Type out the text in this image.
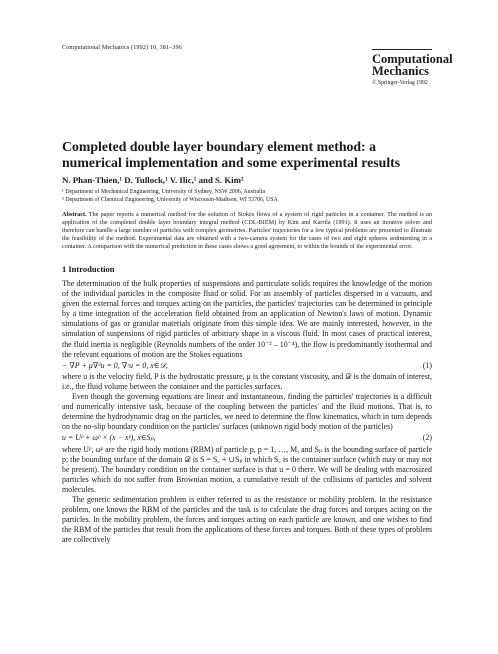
Computational Mechanics (1992) 10, 381–396
Computational Mechanics
© Springer-Verlag 1992
Completed double layer boundary element method: a numerical implementation and some experimental results
N. Phan-Thien,¹ D. Tullock,¹ V. Ilic,¹ and S. Kim²
¹ Department of Mechanical Engineering, University of Sydney, NSW 2006, Australia
² Department of Chemical Engineering, University of Wisconsin-Madison, WI 53706, USA
Abstract. The paper reports a numerical method for the solution of Stokes flows of a system of rigid particles in a container. The method is an application of the completed double layer boundary integral method (CDL-BIEM) by Kim and Karrila (1991). It uses an iterative solver and therefore can handle a large number of particles with complex geometries. Particles' trajectories for a few typical problems are presented to illustrate the feasibility of the method. Experimental data are obtained with a two-camera system for the cases of two and eight spheres sedimenting in a container. A comparison with the numerical prediction in these cases shows a good agreement, to within the bounds of the experimental error.
1 Introduction

The determination of the bulk properties of suspensions and particulate solids requires the knowledge of the motion of the individual particles in the composite fluid or solid. For an assembly of particles dispersed in a vacuum, and given the external forces and torques acting on the particles, the particles' trajectories can be determined in principle by a time integration of the acceleration field obtained from an application of Newton's laws of motion. Dynamic simulations of gas or granular materials originate from this simple idea. We are mainly interested, however, in the simulation of suspensions of rigid particles of arbitrary shape in a viscous fluid. In most cases of practical interest, the fluid inertia is negligible (Reynolds numbers of the order 10⁻² – 10⁻⁴), the flow is predominantly isothermal and the relevant equations of motion are the Stokes equations

− ∇P + μ∇²u = 0, ∇·u = 0, x∈𝒟,	(1)

where u is the velocity field, P is the hydrostatic pressure, μ is the constant viscosity, and 𝒟 is the domain of interest, i.e., the fluid volume between the container and the particles surfaces.

Even though the governing equations are linear and instantaneous, finding the particles' trajectories is a difficult and numerically intensive task, because of the coupling between the particles' and the fluid motions. That is, to determine the hydrodynamic drag on the particles, we need to determine the flow kinematics, which in turn depends on the no-slip boundary condition on the particles' surfaces (unknown rigid body motion of the particles)

u = Uᵖ + ωᵖ × (x − xᵖ), x∈Sₚ,	(2)

where Uᵖ, ωᵖ are the rigid body motions (RBM) of particle p, p = 1, …, M, and Sₚ is the bounding surface of particle p; the bounding surface of the domain 𝒟 is S = S꜀ + ∪Sₚ in which S꜀ is the container surface (which may or may not be present). The boundary condition on the container surface is that u = 0 there. We will be dealing with macrosized particles which do not suffer from Brownian motion, a cumulative result of the collisions of particles and solvent molecules.

The generic sedimentation problem is either referred to as the resistance or mobility problem. In the resistance problem, one knows the RBM of the particles and the task is to calculate the drag forces and torques acting on the particles. In the mobility problem, the forces and torques acting on each particle are known, and one wishes to find the RBM of the particles that result from the applications of these forces and torques. Both of these types of problem are collectively
